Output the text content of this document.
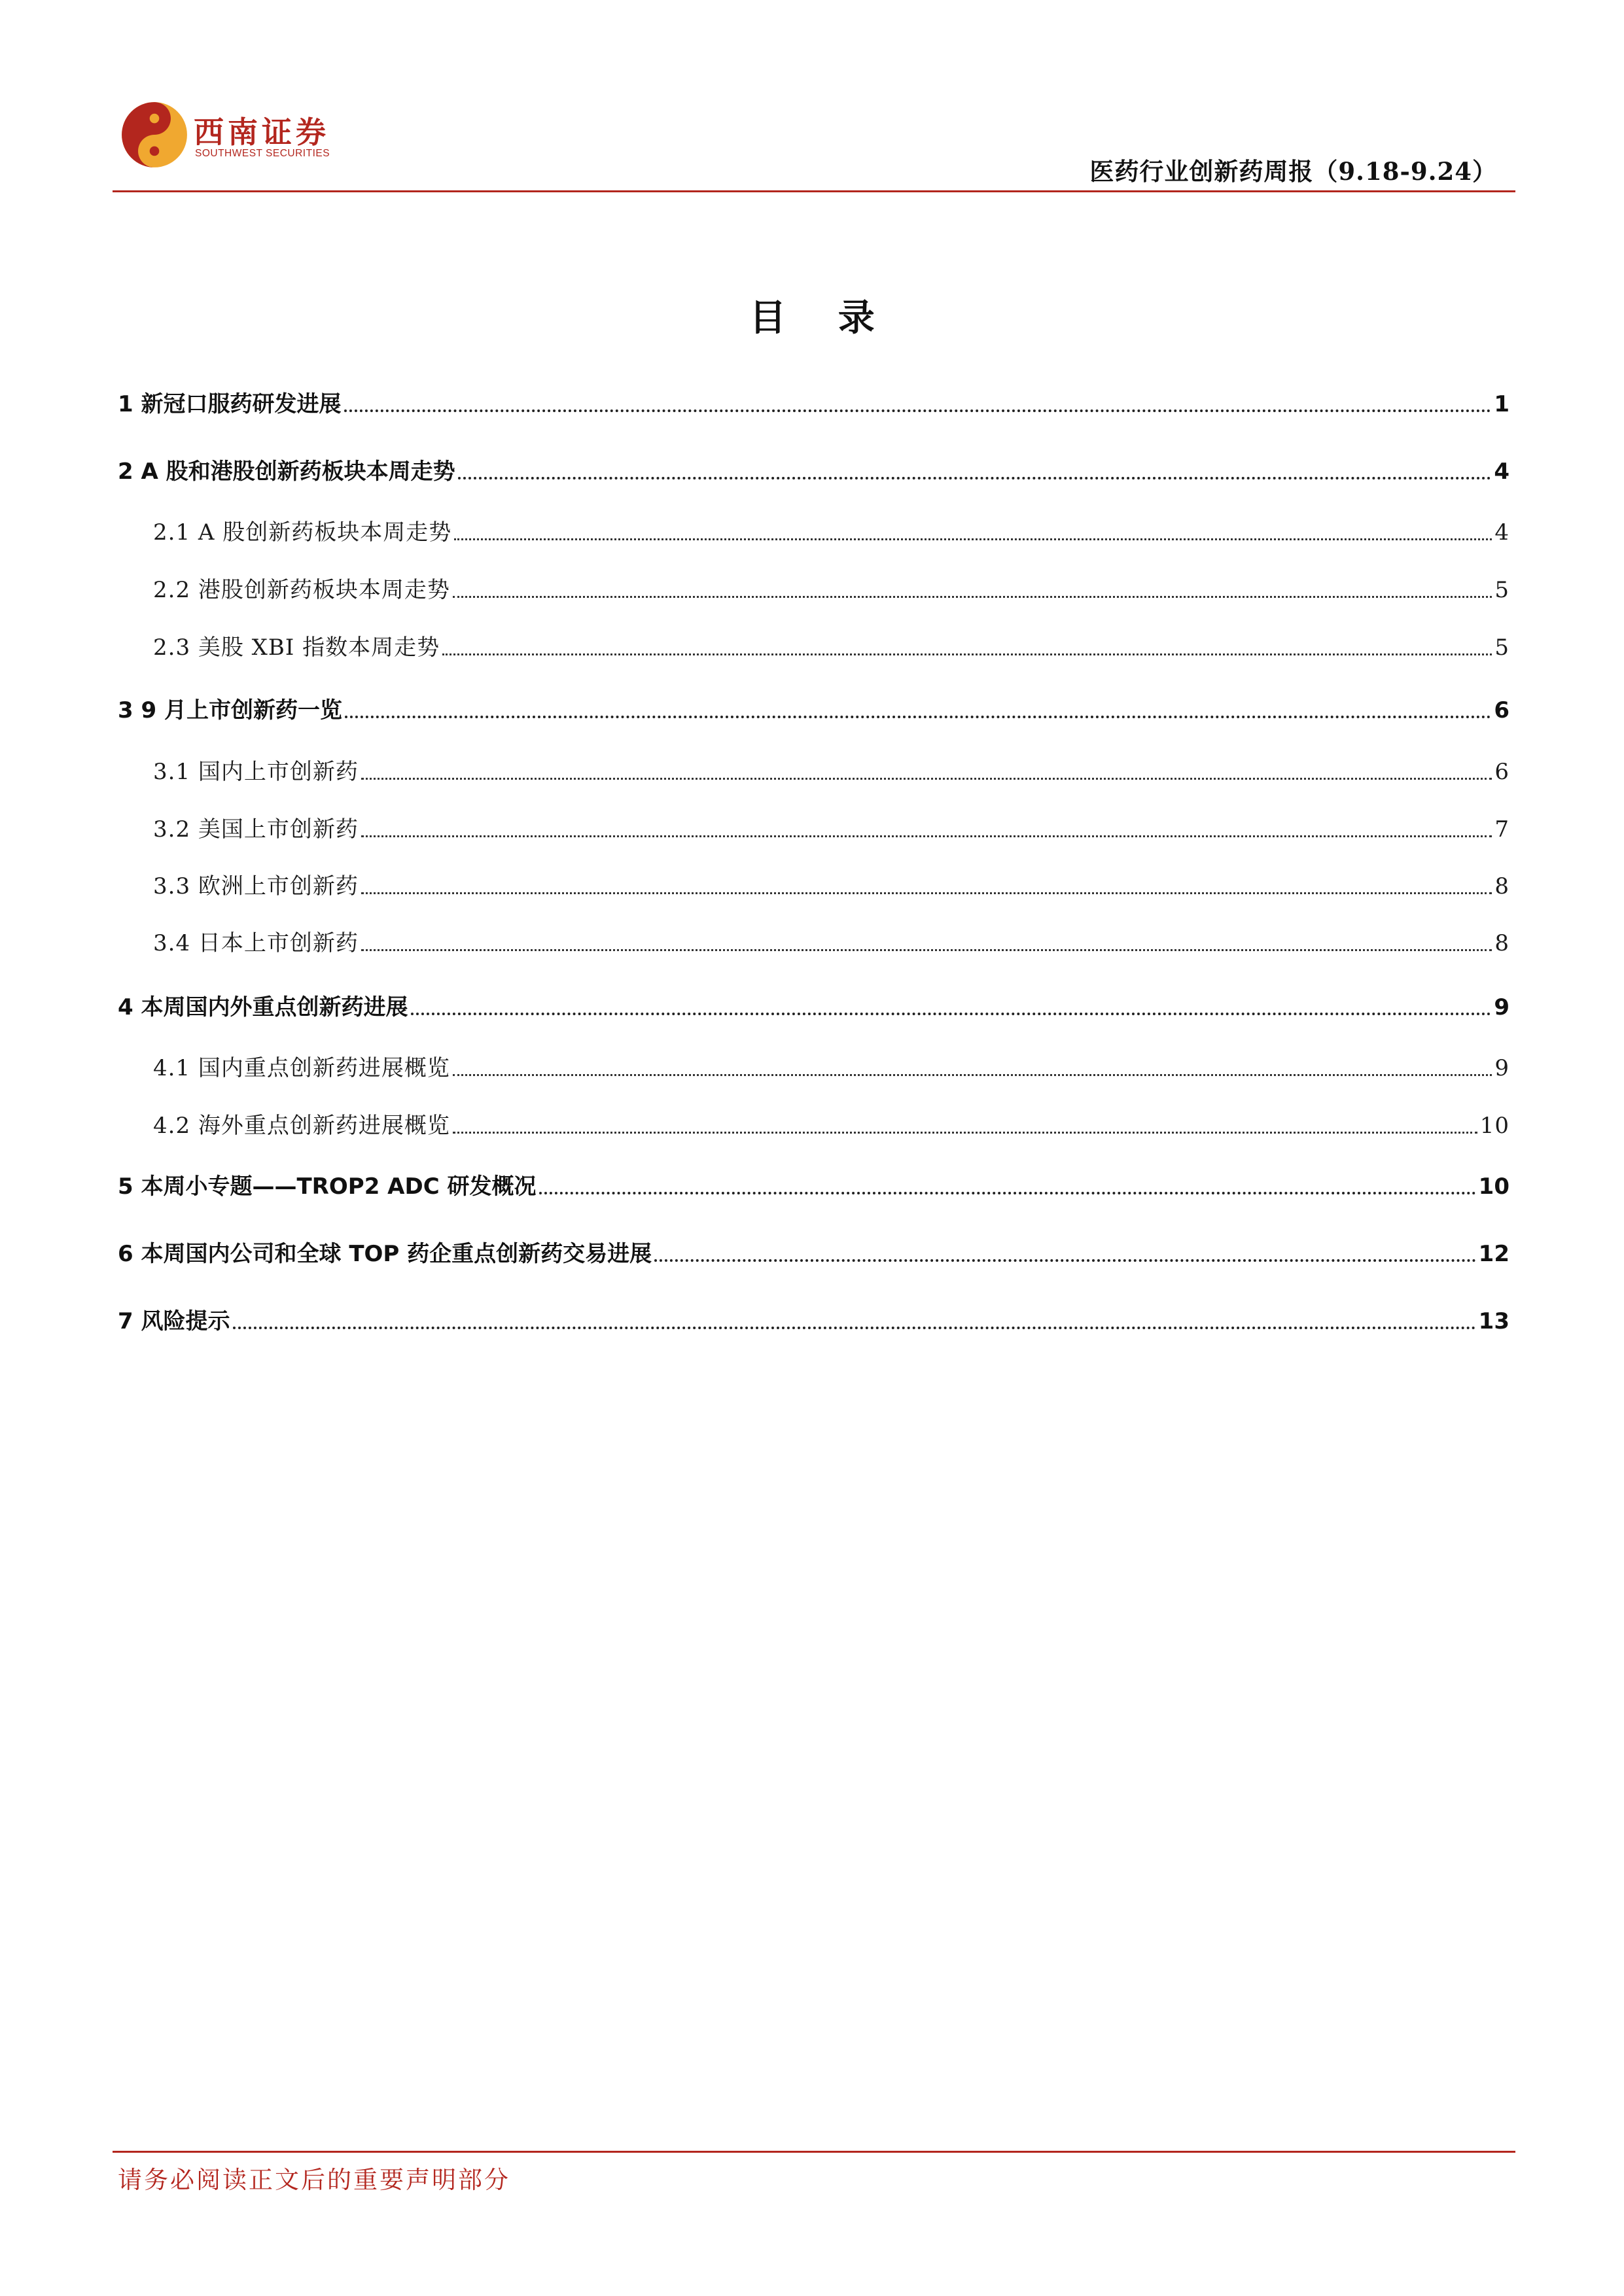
西南证券
SOUTHWEST SECURITIES
医药行业创新药周报（9.18-9.24）
目 录
1 新冠口服药研发进展	1
2 A 股和港股创新药板块本周走势	4
2.1 A 股创新药板块本周走势	4
2.2 港股创新药板块本周走势	5
2.3 美股 XBI 指数本周走势	5
3 9 月上市创新药一览	6
3.1 国内上市创新药	6
3.2 美国上市创新药	7
3.3 欧洲上市创新药	8
3.4 日本上市创新药	8
4 本周国内外重点创新药进展	9
4.1 国内重点创新药进展概览	9
4.2 海外重点创新药进展概览	10
5 本周小专题——TROP2 ADC 研发概况	10
6 本周国内公司和全球 TOP 药企重点创新药交易进展	12
7 风险提示	13
请务必阅读正文后的重要声明部分
